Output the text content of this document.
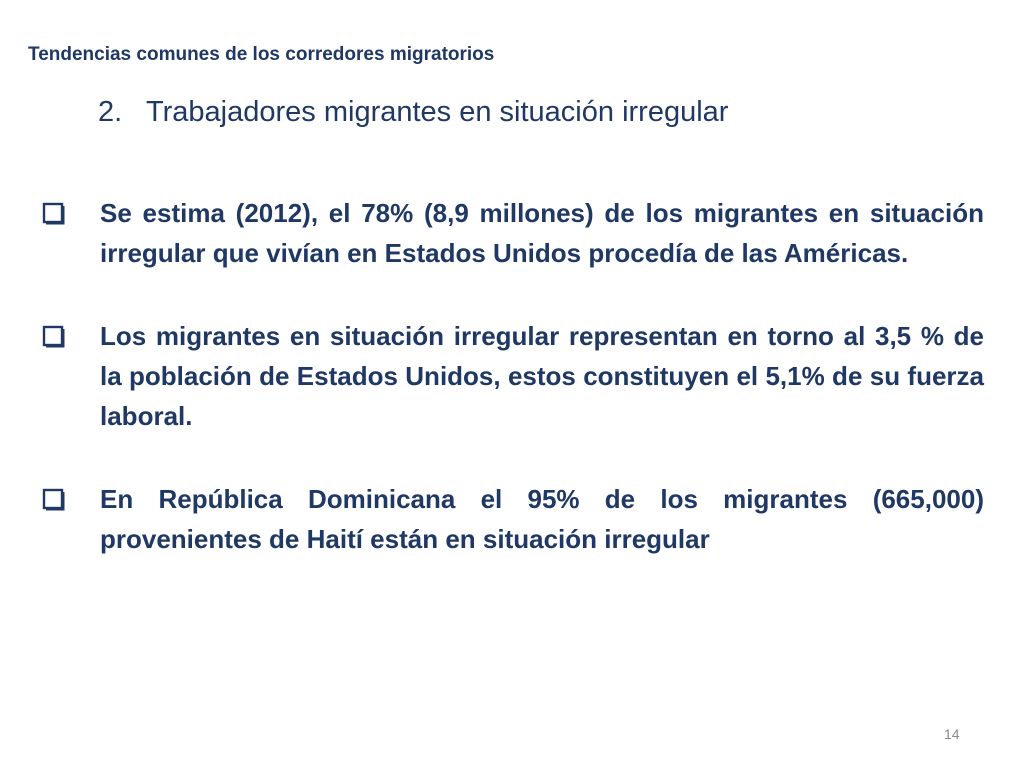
Tendencias comunes de los corredores migratorios
2. Trabajadores migrantes en situación irregular
Se estima (2012), el 78% (8,9 millones) de los migrantes en situación irregular que vivían en Estados Unidos procedía de las Américas.
Los migrantes en situación irregular representan en torno al 3,5 % de la población de Estados Unidos, estos constituyen el 5,1% de su fuerza laboral.
En República Dominicana el 95% de los migrantes (665,000) provenientes de Haití están en situación irregular
14
